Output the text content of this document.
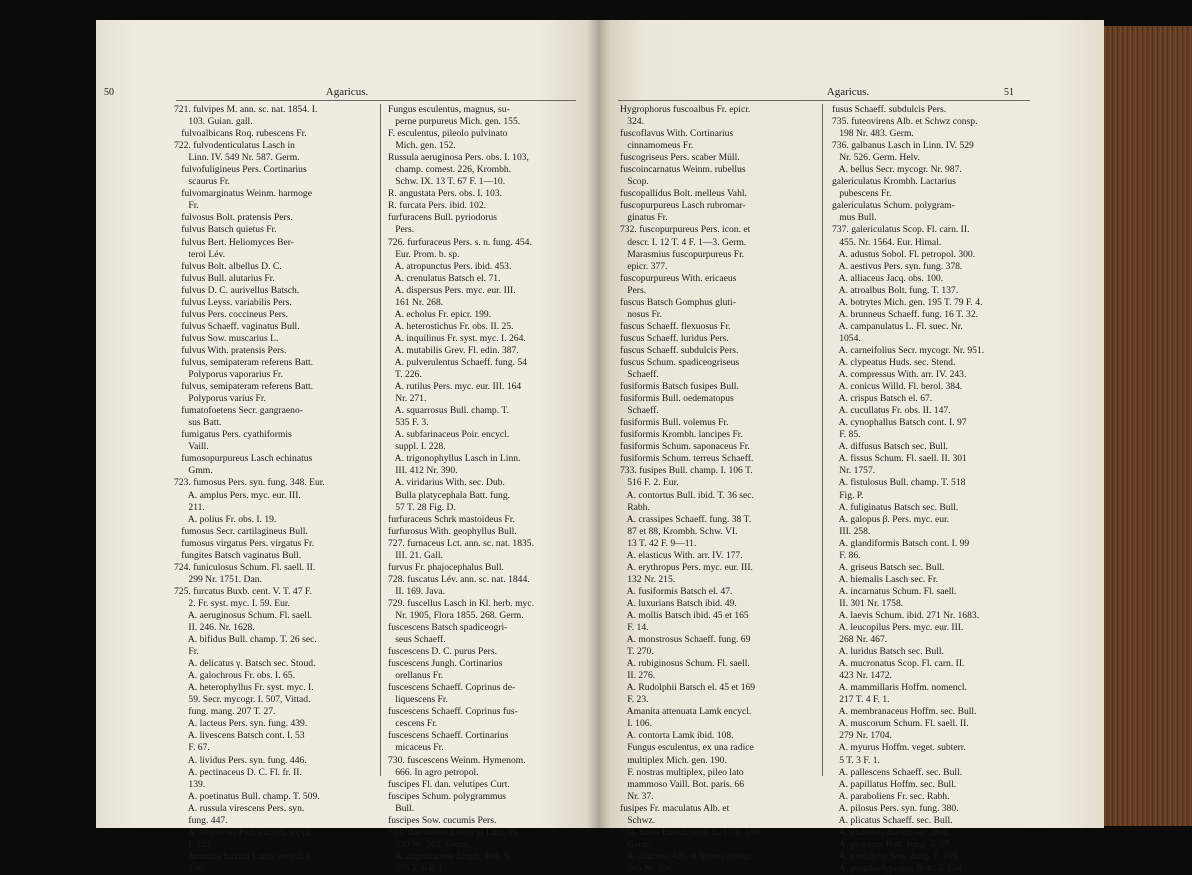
50	Agaricus.
721. fulvipes M. ann. sc. nat. 1854. I.
103. Guian. gall.
fulvoalbicans Roq. rubescens Fr.
722. fulvodenticulatus Lasch in
Linn. IV. 549 Nr. 587. Germ.
fulvofuligineus Pers. Cortinarius
scaurus Fr.
fulvomarginatus Weinm. harmoge
Fr.
fulvosus Bolt. pratensis Pers.
fulvus Batsch quietus Fr.
fulvus Bert. Heliomyces Ber-
teroi Lév.
fulvus Bolt. albellus D. C.
fulvus Bull. alutarius Fr.
fulvus D. C. aurivellus Batsch.
fulvus Leyss. variabilis Pers.
fulvus Pers. coccineus Pers.
fulvus Schaeff. vaginatus Bull.
fulvus Sow. muscarius L.
fulvus With. pratensis Pers.
fulvus, semipateram referens Batt.
Polyporus vaporarius Fr.
fulvus, semipateram referens Batt.
Polyporus varius Fr.
fumatofoetens Secr. gangraeno-
sus Batt.
fumigatus Pers. cyathiformis
Vaill.
fumosopurpureus Lasch echinatus
Gmm.
723. fumosus Pers. syn. fung. 348. Eur.
A. amplus Pers. myc. eur. III.
211.
A. polius Fr. obs. I. 19.
fumosus Secr. cartilagineus Bull.
fumosus virgatus Pers. virgatus Fr.
fungites Batsch vaginatus Bull.
724. funiculosus Schum. Fl. saell. II.
299 Nr. 1751. Dan.
725. furcatus Buxb. cent. V. T. 47 F.
2. Fr. syst. myc. I. 59. Eur.
A. aeruginosus Schum. Fl. saell.
II. 246. Nr. 1628.
A. bifidus Bull. champ. T. 26 sec.
Fr.
A. delicatus γ. Batsch sec. Stoud.
A. galochrous Fr. obs. I. 65.
A. heterophyllus Fr. syst. myc. I.
59. Secr. mycogr. I. 507, Vittad.
fung. mang. 207 T. 27.
A. lacteus Pers. syn. fung. 439.
A. livescens Batsch cont. I. 53
F. 67.
A. lividus Pers. syn. fung. 446.
A. pectinaceus D. C. Fl. fr. II.
139.
A. poetinatus Bull. champ. T. 509.
A. russula virescens Pers. syn.
fung. 447.
A. suspectus Poir. encycl. suppl.
I. 225.
Amanita furcata Lamk encycl. I.
106.
Fungus esculentus, magnus, su-
perne purpureus Mich. gen. 155.
F. esculentus, pileolo pulvinato
Mich. gen. 152.
Russula aeruginosa Pers. obs. I. 103,
champ. comest. 226, Krombh.
Schw. IX. 13 T. 67 F. 1—10.
R. angustata Pers. obs. I. 103.
R. furcata Pers. ibid. 102.
furfuracens Bull. pyriodorus
Pers.
726. furfuraceus Pers. s. n. fung. 454.
Eur. Prom. b. sp.
A. atropunctus Pers. ibid. 453.
A. crenulatus Batsch el. 71.
A. dispersus Pers. myc. eur. III.
161 Nr. 268.
A. echolus Fr. epicr. 199.
A. heterostichus Fr. obs. II. 25.
A. inquilinus Fr. syst. myc. I. 264.
A. mutabilis Grev. Fl. edin. 387.
A. pulverulentus Schaeff. fung. 54
T. 226.
A. rutilus Pers. myc. eur. III. 164
Nr. 271.
A. squarrosus Bull. champ. T.
535 F. 3.
A. subfarinaceus Poir. encycl.
suppl. I. 228.
A. trigonophyllus Lasch in Linn.
III. 412 Nr. 390.
A. viridarius With. sec. Dub.
Bulla platycephala Batt. fung.
57 T. 28 Fig. D.
furfuraceus Schrk mastoideus Fr.
furfurosus With. geophyllus Bull.
727. furnaceus Lct. ann. sc. nat. 1835.
III. 21. Gall.
furvus Fr. phajocephalus Bull.
728. fuscatus Lév. ann. sc. nat. 1844.
II. 169. Java.
729. fuscellus Lasch in Kl. herb. myc.
Nr. 1905, Flora 1855. 268. Germ.
fuscescens Batsch spadiceogri-
seus Schaeff.
fuscescens D. C. purus Pers.
fuscescens Jungh. Cortinarius
orellanus Fr.
fuscescens Schaeff. Coprinus de-
liquescens Fr.
fuscescens Schaeff. Coprinus fus-
cescens Fr.
fuscescens Schaeff. Cortinarius
micaceus Fr.
730. fuscescens Weinm. Hymenom.
666. In agro petropol.
fuscipes Fl. dan. velutipes Curt.
fuscipes Schum. polygrammus
Bull.
fuscipes Sow. cucumis Pers.
731. fuscoalbus Lasch in Linn. IV.
520 Nr. 502. Germ.
A. anguinaceus Jungh. ibid. V.
395 T. 6 F. 1.
Agaricus.	51
Hygrophorus fuscoalbus Fr. epicr.
324.
fuscoflavus With. Cortinarius
cinnamomeus Fr.
fuscogriseus Pers. scaber Müll.
fuscoincarnatus Weinm. rubellus
Scop.
fuscopallidus Bolt. melleus Vahl.
fuscopurpureus Lasch rubromar-
ginatus Fr.
732. fuscopurpureus Pers. icon. et
descr. I. 12 T. 4 F. 1—3. Germ.
Marasmius fuscopurpureus Fr.
epicr. 377.
fuscopurpureus With. ericaeus
Pers.
fuscus Batsch Gomphus gluti-
nosus Fr.
fuscus Schaeff. flexuosus Fr.
fuscus Schaeff. luridus Pers.
fuscus Schaeff. subdulcis Pers.
fuscus Schum. spadiceogriseus
Schaeff.
fusiformis Batsch fusipes Bull.
fusiformis Bull. oedematopus
Schaeff.
fusiformis Bull. volemus Fr.
fusiformis Krombh. lancipes Fr.
fusiformis Schum. saponaceus Fr.
fusiformis Schum. terreus Schaeff.
733. fusipes Bull. champ. I. 106 T.
516 F. 2. Eur.
A. contortus Bull. ibid. T. 36 sec.
Rabh.
A. crassipes Schaeff. fung. 38 T.
87 et 88, Krombh. Schw. VI.
13 T. 42 F. 9—11.
A. elasticus With. arr. IV. 177.
A. erythropus Pers. myc. eur. III.
132 Nr. 215.
A. fusiformis Batsch el. 47.
A. luxurians Batsch ibid. 49.
A. mollis Batsch ibid. 45 et 165
F. 14.
A. monstrosus Schaeff. fung. 69
T. 270.
A. rubiginosus Schum. Fl. saell.
II. 276.
A. Rudolphii Batsch el. 45 et 169
F. 23.
Amanita attenuata Lamk encycl.
I. 106.
A. contorta Lamk ibid. 108.
Fungus esculentus, ex una radice
multiplex Mich. gen. 190.
F. nostras multiplex, pileo lato
mammoso Vaill. Bot. paris. 66
Nr. 37.
fusipes Fr. maculatus Alb. et
Schwz.
734. fusus Batsch cont. II. 13 T. 189.
Germ.
A. silaceus Alb. et Schwz consp.
205 Nr. 596.
fusus Schaeff. subdulcis Pers.
735. futeovirens Alb. et Schwz consp.
198 Nr. 483. Germ.
736. galbanus Lasch in Linn. IV. 529
Nr. 526. Germ. Helv.
A. bellus Secr. mycogr. Nr. 987.
galericulatus Krombh. Lactarius
pubescens Fr.
galericulatus Schum. polygram-
mus Bull.
737. galericulatus Scop. Fl. carn. II.
455. Nr. 1564. Eur. Himal.
A. adustus Sobol. Fl. petropol. 300.
A. aestivus Pers. syn. fung. 378.
A. alliaceus Jacq. obs. 100.
A. atroalbus Bolt. fung. T. 137.
A. botrytes Mich. gen. 195 T. 79 F. 4.
A. brunneus Schaeff. fung. 16 T. 32.
A. campanulatus L. Fl. suec. Nr.
1054.
A. carneifolius Secr. mycogr. Nr. 951.
A. clypeatus Huds. sec. Stend.
A. compressus With. arr. IV. 243.
A. conicus Willd. Fl. berol. 384.
A. crispus Batsch el. 67.
A. cucullatus Fr. obs. II. 147.
A. cynophallus Batsch cont. I. 97
F. 85.
A. diffusus Batsch sec. Bull.
A. fissus Schum. Fl. saell. II. 301
Nr. 1757.
A. fistulosus Bull. champ. T. 518
Fig. P.
A. fuliginatus Batsch sec. Bull.
A. galopus β. Pers. myc. eur.
III. 258.
A. glandiformis Batsch cont. I. 99
F. 86.
A. griseus Batsch sec. Bull.
A. hiemalis Lasch sec. Fr.
A. incarnatus Schum. Fl. saell.
II. 301 Nr. 1758.
A. laevis Schum. ibid. 271 Nr. 1683.
A. leucopilus Pers. myc. eur. III.
268 Nr. 467.
A. luridus Batsch sec. Bull.
A. mucronatus Scop. Fl. carn. II.
423 Nr. 1472.
A. mammillaris Hoffm. nomencl.
217 T. 4 F. 1.
A. membranaceus Hoffm. sec. Bull.
A. muscorum Schum. Fl. saell. II.
279 Nr. 1704.
A. myurus Hoffm. veget. subterr.
5 T. 3 F. 1.
A. pallescens Schaeff. sec. Bull.
A. papillatus Hoffm. sec. Bull.
A. paraboliens Fr. sec. Rabh.
A. pilosus Pers. syn. fung. 380.
A. plicatus Schaeff. sec. Bull.
A. pratensis Batsch sec. Bull.
A. procerus Bolt. fung. T. 37.
A. prolificus Sow. fung. T. 169.
A. pseudoclypeatus Bolt. T. 154.
